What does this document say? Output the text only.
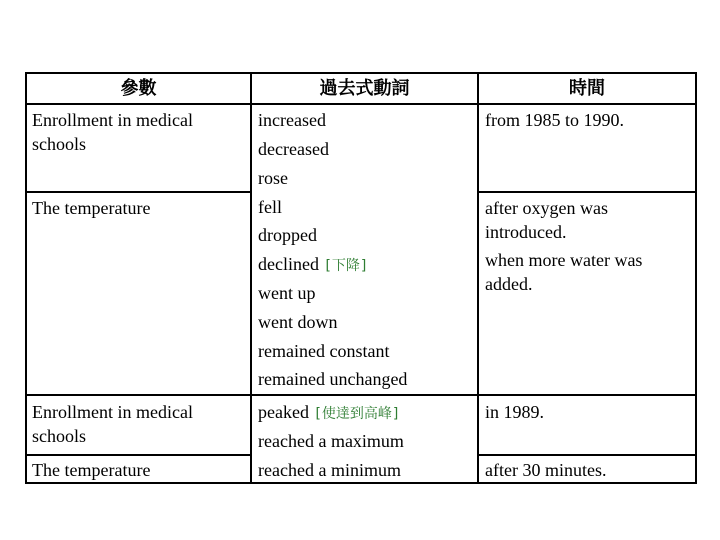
參數	過去式動詞	時間
Enrollment in medical schools
The temperature
Enrollment in medical schools
The temperature
increased
decreased
rose
fell
dropped
declined [下降]
went up
went down
remained constant
remained unchanged
peaked [使達到高峰]
reached a maximum
reached a minimum
from 1985 to 1990.
after oxygen was introduced.
when more water was added.
in 1989.
after 30 minutes.
